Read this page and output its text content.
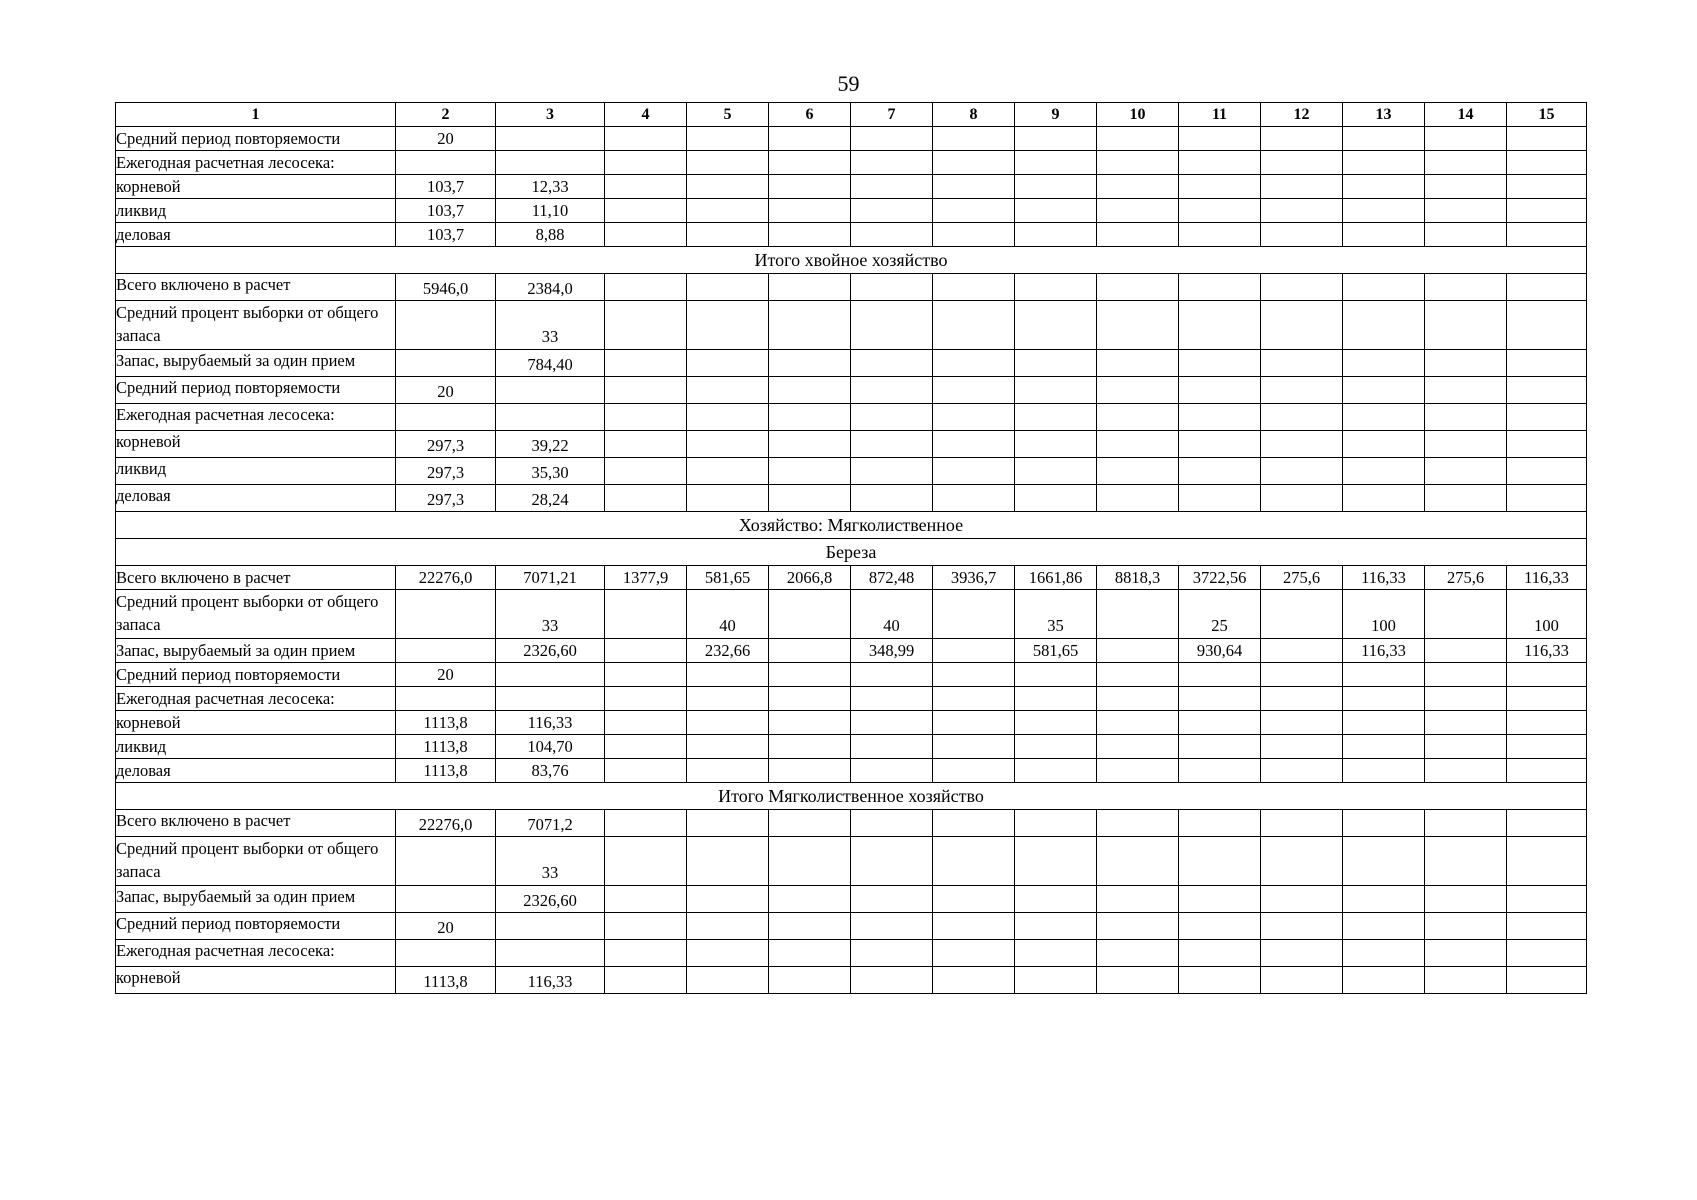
59
1	2	3	4	5	6	7	8	9	10	11	12	13	14	15
Средний период повторяемости	20													
Ежегодная расчетная лесосека:														
корневой	103,7	12,33												
ликвид	103,7	11,10												
деловая	103,7	8,88												
Итого хвойное хозяйство														
Всего включено в расчет	5946,0	2384,0												
Средний процент выборки от общего запаса		33												
Запас, вырубаемый за один прием		784,40												
Средний период повторяемости	20													
Ежегодная расчетная лесосека:														
корневой	297,3	39,22												
ликвид	297,3	35,30												
деловая	297,3	28,24												
Хозяйство: Мягколиственное														
Береза														
Всего включено в расчет	22276,0	7071,21	1377,9	581,65	2066,8	872,48	3936,7	1661,86	8818,3	3722,56	275,6	116,33	275,6	116,33
Средний процент выборки от общего запаса		33		40		40		35		25		100		100
Запас, вырубаемый за один прием		2326,60		232,66		348,99		581,65		930,64		116,33		116,33
Средний период повторяемости	20													
Ежегодная расчетная лесосека:														
корневой	1113,8	116,33												
ликвид	1113,8	104,70												
деловая	1113,8	83,76												
Итого Мягколиственное хозяйство														
Всего включено в расчет	22276,0	7071,2												
Средний процент выборки от общего запаса		33												
Запас, вырубаемый за один прием		2326,60												
Средний период повторяемости	20													
Ежегодная расчетная лесосека:														
корневой	1113,8	116,33												
